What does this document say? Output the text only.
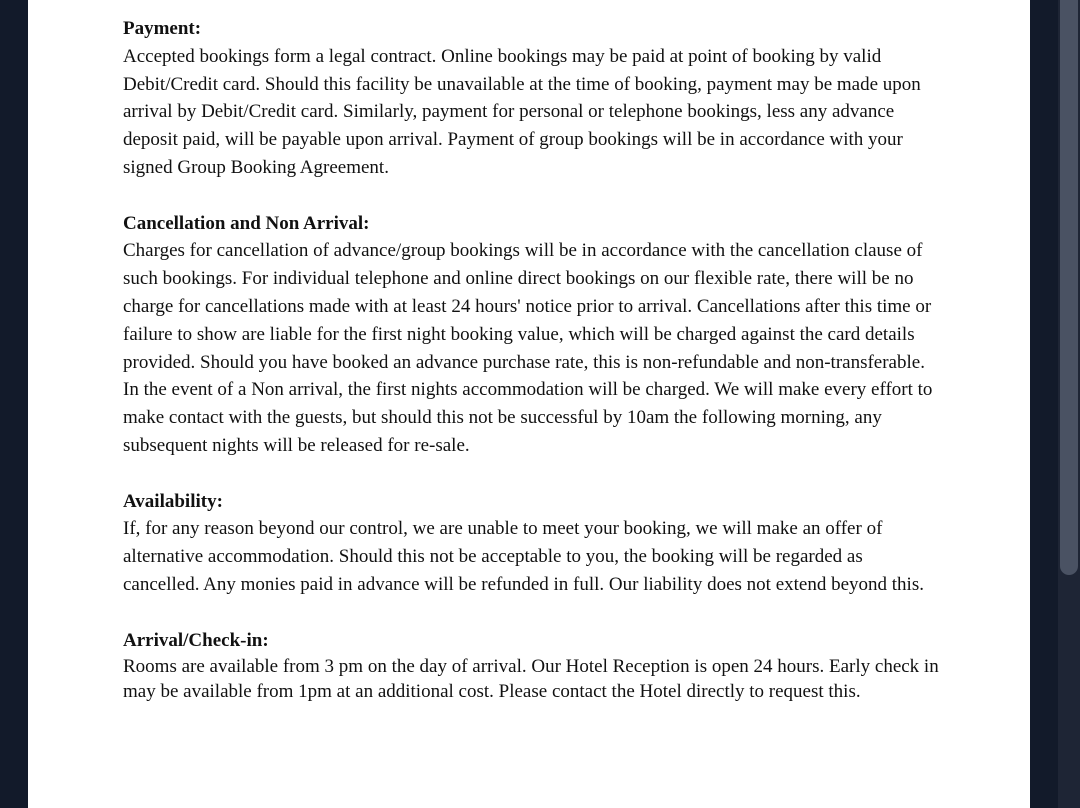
Payment:
Accepted bookings form a legal contract. Online bookings may be paid at point of booking by valid Debit/Credit card. Should this facility be unavailable at the time of booking, payment may be made upon arrival by Debit/Credit card. Similarly, payment for personal or telephone bookings, less any advance deposit paid, will be payable upon arrival. Payment of group bookings will be in accordance with your signed Group Booking Agreement.
Cancellation and Non Arrival:
Charges for cancellation of advance/group bookings will be in accordance with the cancellation clause of such bookings. For individual telephone and online direct bookings on our flexible rate, there will be no charge for cancellations made with at least 24 hours' notice prior to arrival. Cancellations after this time or failure to show are liable for the first night booking value, which will be charged against the card details provided. Should you have booked an advance purchase rate, this is non-refundable and non-transferable.
In the event of a Non arrival, the first nights accommodation will be charged. We will make every effort to make contact with the guests, but should this not be successful by 10am the following morning, any subsequent nights will be released for re-sale.
Availability:
If, for any reason beyond our control, we are unable to meet your booking, we will make an offer of alternative accommodation. Should this not be acceptable to you, the booking will be regarded as cancelled. Any monies paid in advance will be refunded in full. Our liability does not extend beyond this.
Arrival/Check-in:
Rooms are available from 3 pm on the day of arrival. Our Hotel Reception is open 24 hours. Early check in may be available from 1pm at an additional cost. Please contact the Hotel directly to request this.
